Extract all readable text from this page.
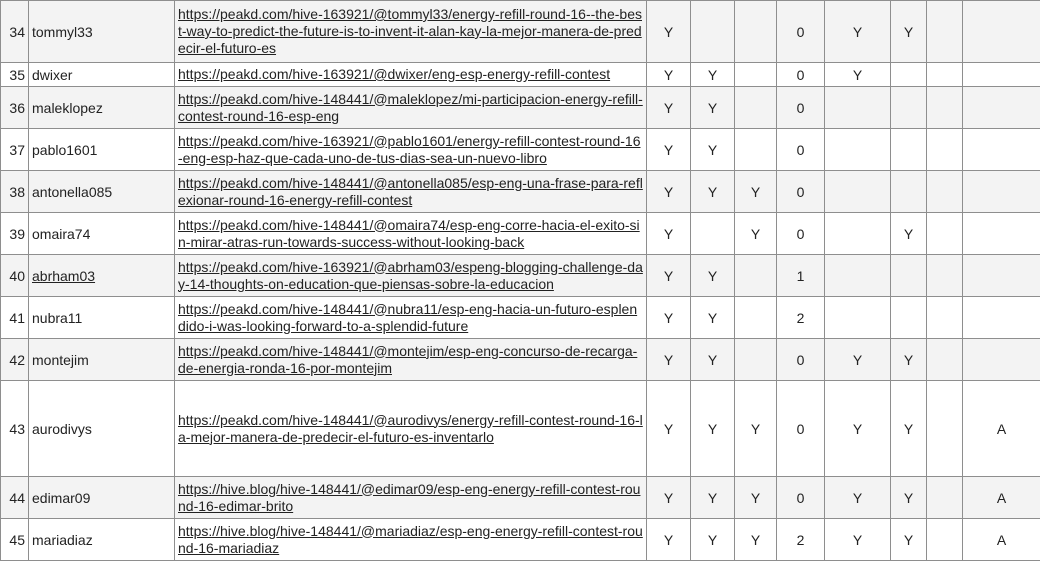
34	tommyl33	https://peakd.com/hive-163921/@tommyl33/energy-refill-round-16--the-best-way-to-predict-the-future-is-to-invent-it-alan-kay-la-mejor-manera-de-predecir-el-futuro-es	Y			0	Y	Y		
35	dwixer	https://peakd.com/hive-163921/@dwixer/eng-esp-energy-refill-contest	Y	Y		0	Y			
36	maleklopez	https://peakd.com/hive-148441/@maleklopez/mi-participacion-energy-refill-contest-round-16-esp-eng	Y	Y		0				
37	pablo1601	https://peakd.com/hive-163921/@pablo1601/energy-refill-contest-round-16-eng-esp-haz-que-cada-uno-de-tus-dias-sea-un-nuevo-libro	Y	Y		0				
38	antonella085	https://peakd.com/hive-148441/@antonella085/esp-eng-una-frase-para-reflexionar-round-16-energy-refill-contest	Y	Y	Y	0				
39	omaira74	https://peakd.com/hive-148441/@omaira74/esp-eng-corre-hacia-el-exito-sin-mirar-atras-run-towards-success-without-looking-back	Y		Y	0		Y		
40	abrham03	https://peakd.com/hive-163921/@abrham03/espeng-blogging-challenge-day-14-thoughts-on-education-que-piensas-sobre-la-educacion	Y	Y		1				
41	nubra11	https://peakd.com/hive-148441/@nubra11/esp-eng-hacia-un-futuro-esplendido-i-was-looking-forward-to-a-splendid-future	Y	Y		2				
42	montejim	https://peakd.com/hive-148441/@montejim/esp-eng-concurso-de-recarga-de-energia-ronda-16-por-montejim	Y	Y		0	Y	Y		
43	aurodivys	https://peakd.com/hive-148441/@aurodivys/energy-refill-contest-round-16-la-mejor-manera-de-predecir-el-futuro-es-inventarlo	Y	Y	Y	0	Y	Y		A
44	edimar09	https://hive.blog/hive-148441/@edimar09/esp-eng-energy-refill-contest-round-16-edimar-brito	Y	Y	Y	0	Y	Y		A
45	mariadiaz	https://hive.blog/hive-148441/@mariadiaz/esp-eng-energy-refill-contest-round-16-mariadiaz	Y	Y	Y	2	Y	Y		A
